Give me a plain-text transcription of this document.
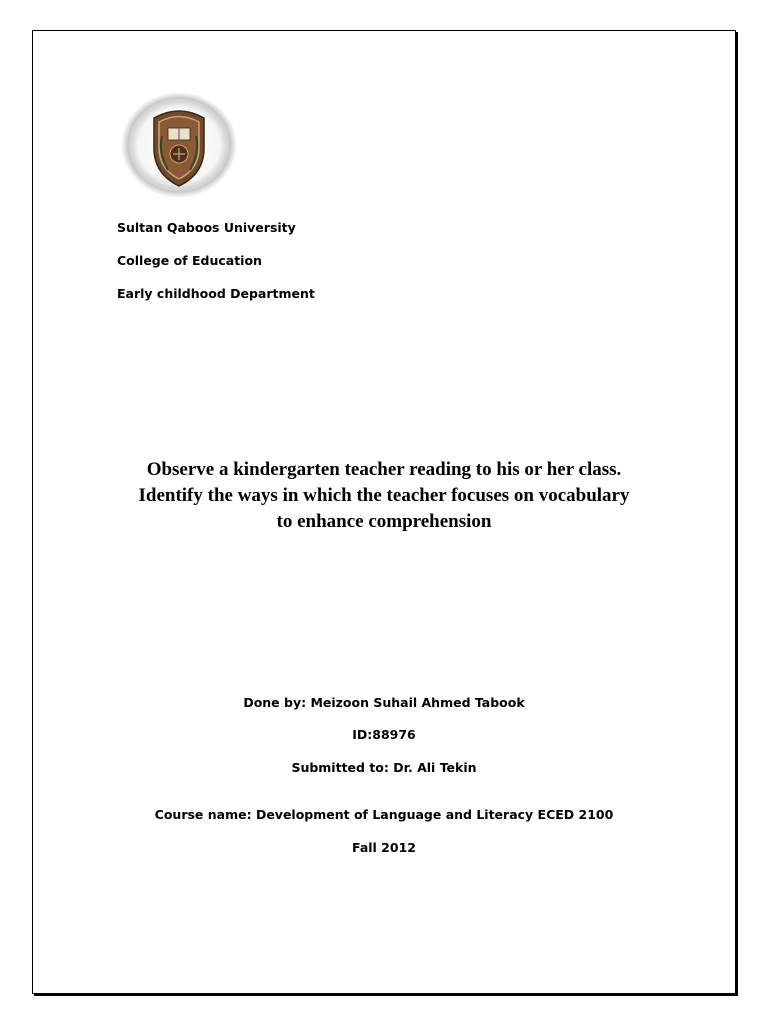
Sultan Qaboos University
College of Education
Early childhood Department
Observe a kindergarten teacher reading to his or her class.
Identify the ways in which the teacher focuses on vocabulary
to enhance comprehension
Done by: Meizoon Suhail Ahmed Tabook
ID:88976
Submitted to: Dr. Ali Tekin
Course name: Development of Language and Literacy ECED 2100
Fall 2012
